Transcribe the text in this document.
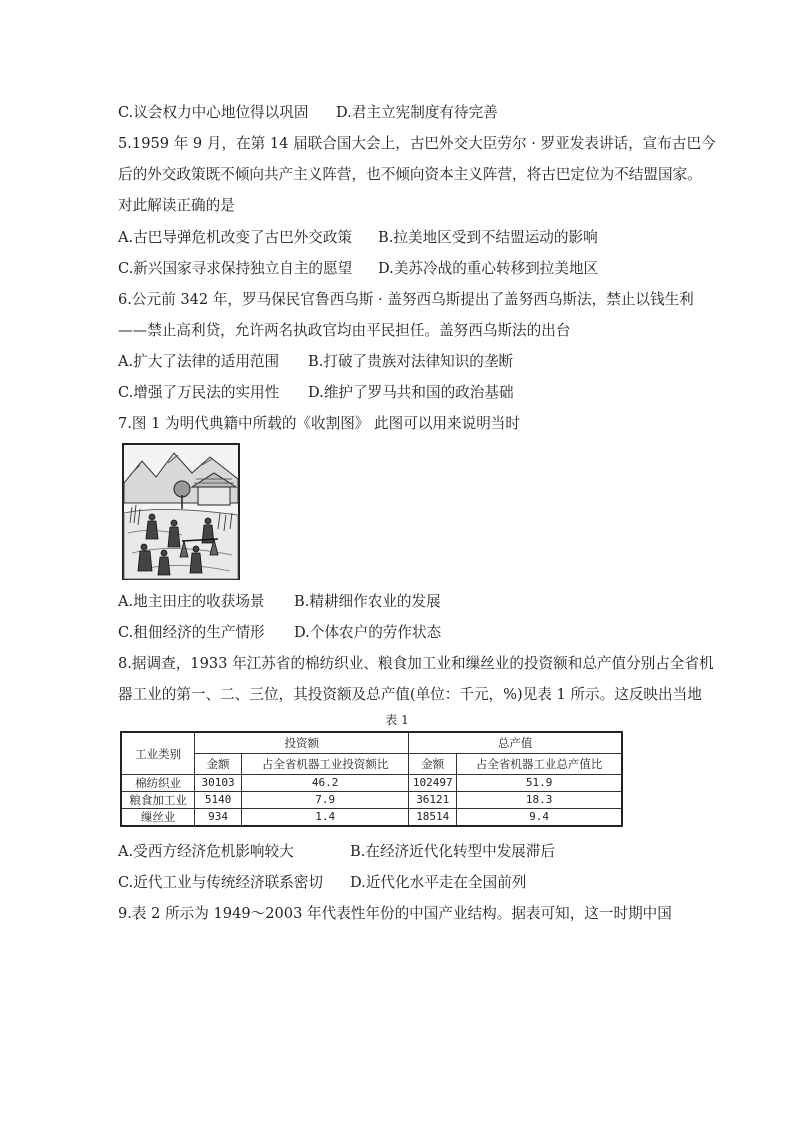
C.议会权力中心地位得以巩固 D.君主立宪制度有待完善
5.1959 年 9 月，在第 14 届联合国大会上，古巴外交大臣劳尔 · 罗亚发表讲话，宣布古巴今
后的外交政策既不倾向共产主义阵营，也不倾向资本主义阵营，将古巴定位为不结盟国家。
对此解读正确的是
A.古巴导弹危机改变了古巴外交政策 B.拉美地区受到不结盟运动的影响
C.新兴国家寻求保持独立自主的愿望 D.美苏冷战的重心转移到拉美地区
6.公元前 342 年，罗马保民官鲁西乌斯 · 盖努西乌斯提出了盖努西乌斯法，禁止以钱生利
——禁止高利贷，允许两名执政官均由平民担任。盖努西乌斯法的出台
A.扩大了法律的适用范围 B.打破了贵族对法律知识的垄断
C.增强了万民法的实用性 D.维护了罗马共和国的政治基础
7.图 1 为明代典籍中所载的《收割图》 此图可以用来说明当时
A.地主田庄的收获场景 B.精耕细作农业的发展
C.租佃经济的生产情形 D.个体农户的劳作状态
8.据调查，1933 年江苏省的棉纺织业、粮食加工业和缫丝业的投资额和总产值分别占全省机
器工业的第一、二、三位，其投资额及总产值(单位：千元，%)见表 1 所示。这反映出当地
表 1
工业类别	投资额		总产值	
	金额	占全省机器工业投资额比	金额	占全省机器工业总产值比
棉纺织业	30103	46.2	102497	51.9
粮食加工业	5140	7.9	36121	18.3
缫丝业	934	1.4	18514	9.4
A.受西方经济危机影响较大	B.在经济近代化转型中发展滞后
C.近代工业与传统经济联系密切 D.近代化水平走在全国前列
9.表 2 所示为 1949～2003 年代表性年份的中国产业结构。据表可知，这一时期中国
